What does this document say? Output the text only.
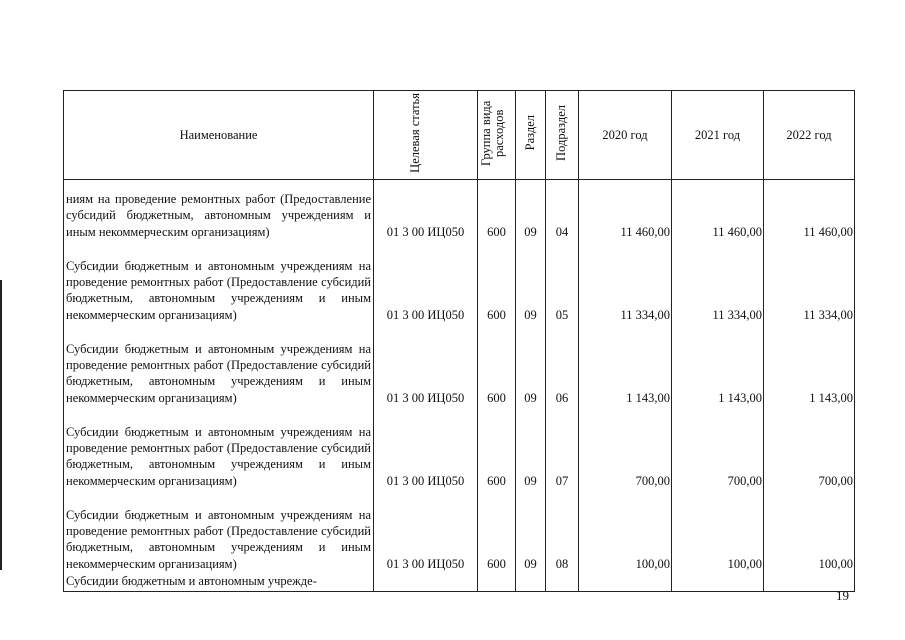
Наименование	Целевая статья	Группа вида расходов	Раздел	Подраздел	2020 год	2021 год	2022 год

ниям на проведение ремонтных работ (Предоставление субсидий бюджетным, автономным учреждениям и иным некоммерческим организациям)	01 3 00 ИЦ050	600	09	04	11 460,00	11 460,00	11 460,00

Субсидии бюджетным и автономным учреждениям на проведение ремонтных работ (Предоставление субсидий бюджетным, автономным учреждениям и иным некоммерческим организациям)	01 3 00 ИЦ050	600	09	05	11 334,00	11 334,00	11 334,00

Субсидии бюджетным и автономным учреждениям на проведение ремонтных работ (Предоставление субсидий бюджетным, автономным учреждениям и иным некоммерческим организациям)	01 3 00 ИЦ050	600	09	06	1 143,00	1 143,00	1 143,00

Субсидии бюджетным и автономным учреждениям на проведение ремонтных работ (Предоставление субсидий бюджетным, автономным учреждениям и иным некоммерческим организациям)	01 3 00 ИЦ050	600	09	07	700,00	700,00	700,00

Субсидии бюджетным и автономным учреждениям на проведение ремонтных работ (Предоставление субсидий бюджетным, автономным учреждениям и иным некоммерческим организациям)	01 3 00 ИЦ050	600	09	08	100,00	100,00	100,00

Субсидии бюджетным и автономным учрежде-							

19
